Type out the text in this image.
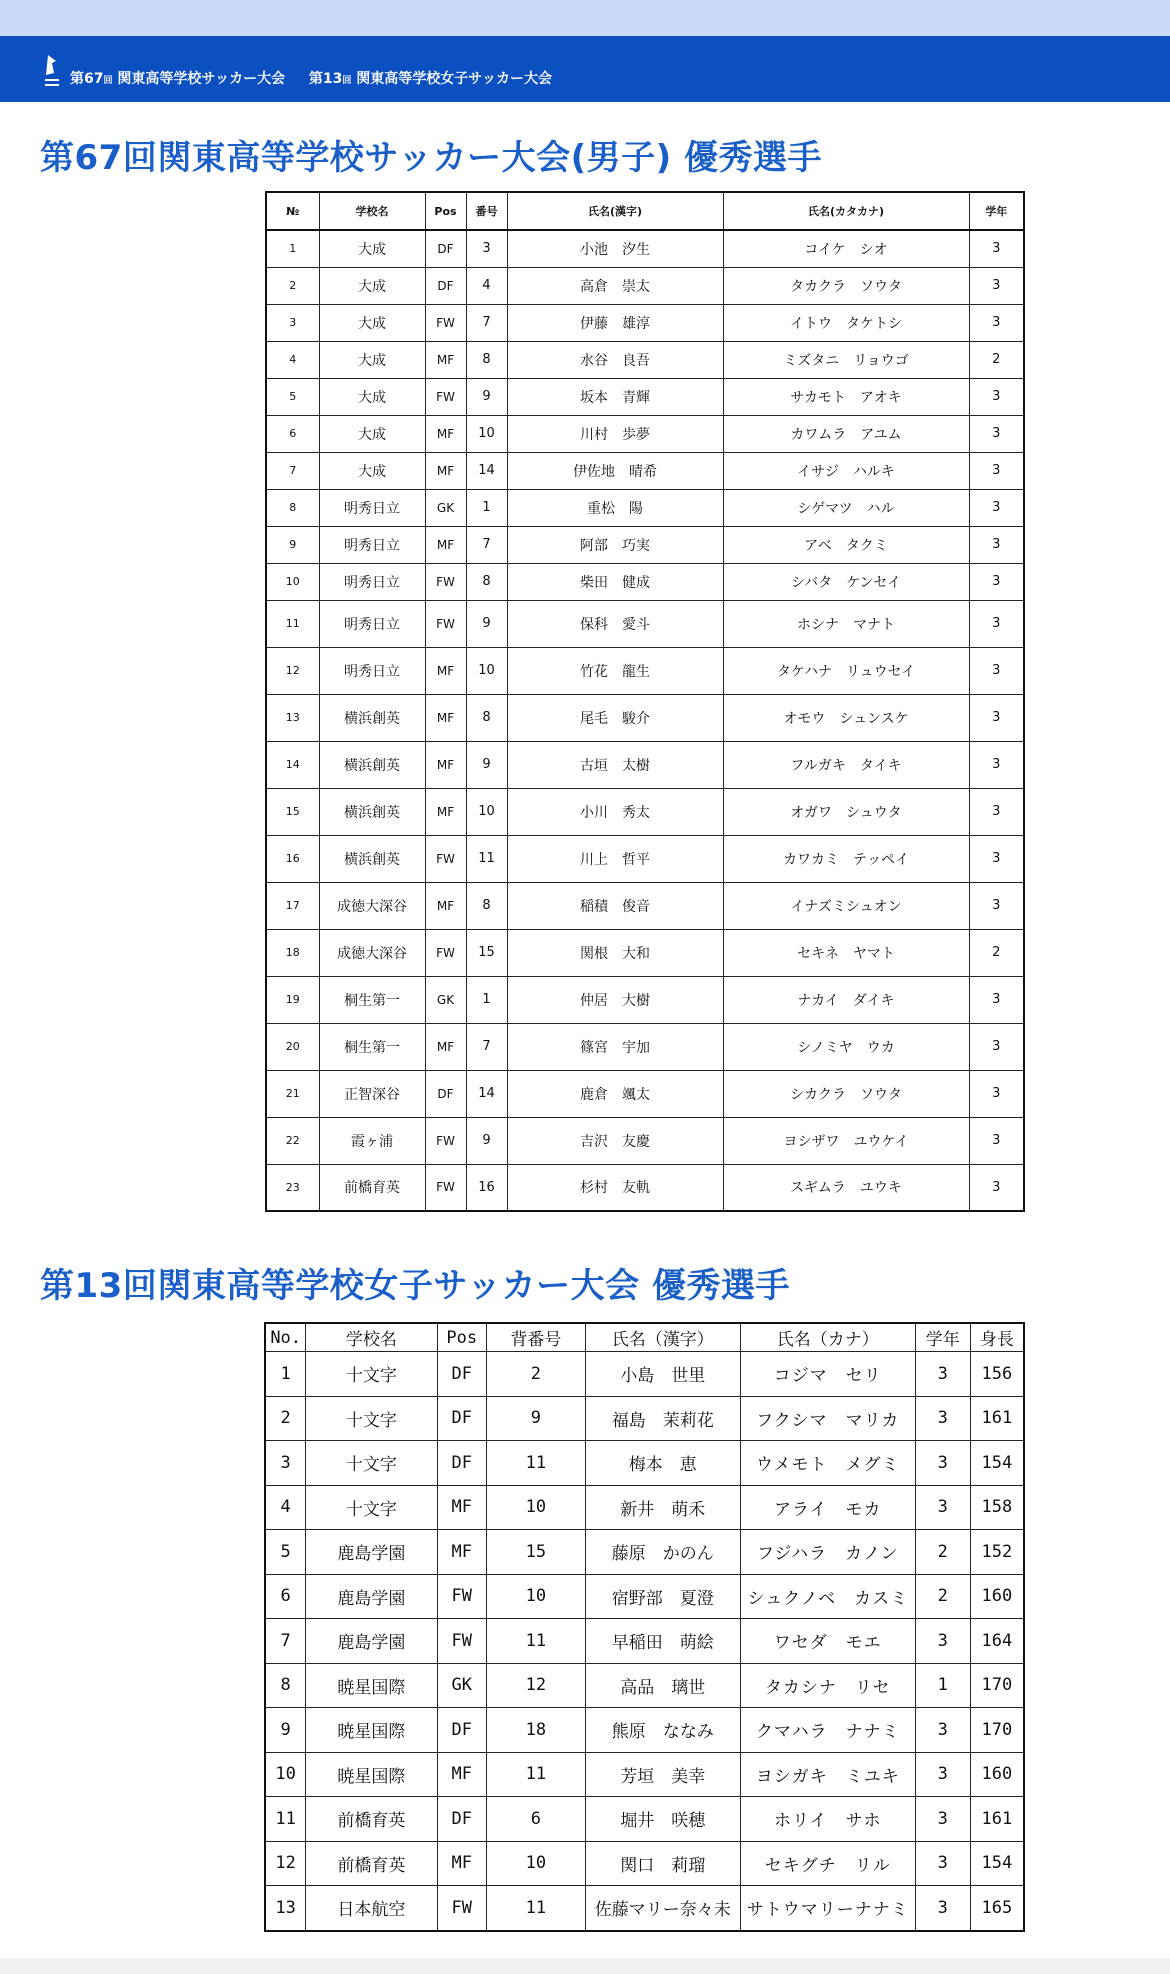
第67回 関東高等学校サッカー大会 第13回 関東高等学校女子サッカー大会
第67回関東高等学校サッカー大会(男子) 優秀選手
№	学校名	Pos	番号	氏名(漢字)	氏名(カタカナ)	学年
1	大成	DF	3	小池　汐生	コイケ　シオ	3
2	大成	DF	4	高倉　崇太	タカクラ　ソウタ	3
3	大成	FW	7	伊藤　雄淳	イトウ　タケトシ	3
4	大成	MF	8	水谷　良吾	ミズタニ　リョウゴ	2
5	大成	FW	9	坂本　青輝	サカモト　アオキ	3
6	大成	MF	10	川村　歩夢	カワムラ　アユム	3
7	大成	MF	14	伊佐地　晴希	イサジ　ハルキ	3
8	明秀日立	GK	1	重松　陽	シゲマツ　ハル	3
9	明秀日立	MF	7	阿部　巧実	アベ　タクミ	3
10	明秀日立	FW	8	柴田　健成	シバタ　ケンセイ	3
11	明秀日立	FW	9	保科　愛斗	ホシナ　マナト	3
12	明秀日立	MF	10	竹花　龍生	タケハナ　リュウセイ	3
13	横浜創英	MF	8	尾毛　駿介	オモウ　シュンスケ	3
14	横浜創英	MF	9	古垣　太樹	フルガキ　タイキ	3
15	横浜創英	MF	10	小川　秀太	オガワ　シュウタ	3
16	横浜創英	FW	11	川上　哲平	カワカミ　テッペイ	3
17	成徳大深谷	MF	8	稲積　俊音	イナズミシュオン	3
18	成徳大深谷	FW	15	関根　大和	セキネ　ヤマト	2
19	桐生第一	GK	1	仲居　大樹	ナカイ　ダイキ	3
20	桐生第一	MF	7	篠宮　宇加	シノミヤ　ウカ	3
21	正智深谷	DF	14	鹿倉　颯太	シカクラ　ソウタ	3
22	霞ヶ浦	FW	9	吉沢　友慶	ヨシザワ　ユウケイ	3
23	前橋育英	FW	16	杉村　友軌	スギムラ　ユウキ	3
第13回関東高等学校女子サッカー大会 優秀選手
No.	学校名	Pos	背番号	氏名（漢字）	氏名（カナ）	学年	身長
1	十文字	DF	2	小島　世里	コジマ　セリ	3	156
2	十文字	DF	9	福島　茉莉花	フクシマ　マリカ	3	161
3	十文字	DF	11	梅本　恵	ウメモト　メグミ	3	154
4	十文字	MF	10	新井　萌禾	アライ　モカ	3	158
5	鹿島学園	MF	15	藤原　かのん	フジハラ　カノン	2	152
6	鹿島学園	FW	10	宿野部　夏澄	シュクノベ　カスミ	2	160
7	鹿島学園	FW	11	早稲田　萌絵	ワセダ　モエ	3	164
8	暁星国際	GK	12	高品　璃世	タカシナ　リセ	1	170
9	暁星国際	DF	18	熊原　ななみ	クマハラ　ナナミ	3	170
10	暁星国際	MF	11	芳垣　美幸	ヨシガキ　ミユキ	3	160
11	前橋育英	DF	6	堀井　咲穂	ホリイ　サホ	3	161
12	前橋育英	MF	10	関口　莉瑠	セキグチ　リル	3	154
13	日本航空	FW	11	佐藤マリー奈々未	サトウマリーナナミ	3	165
